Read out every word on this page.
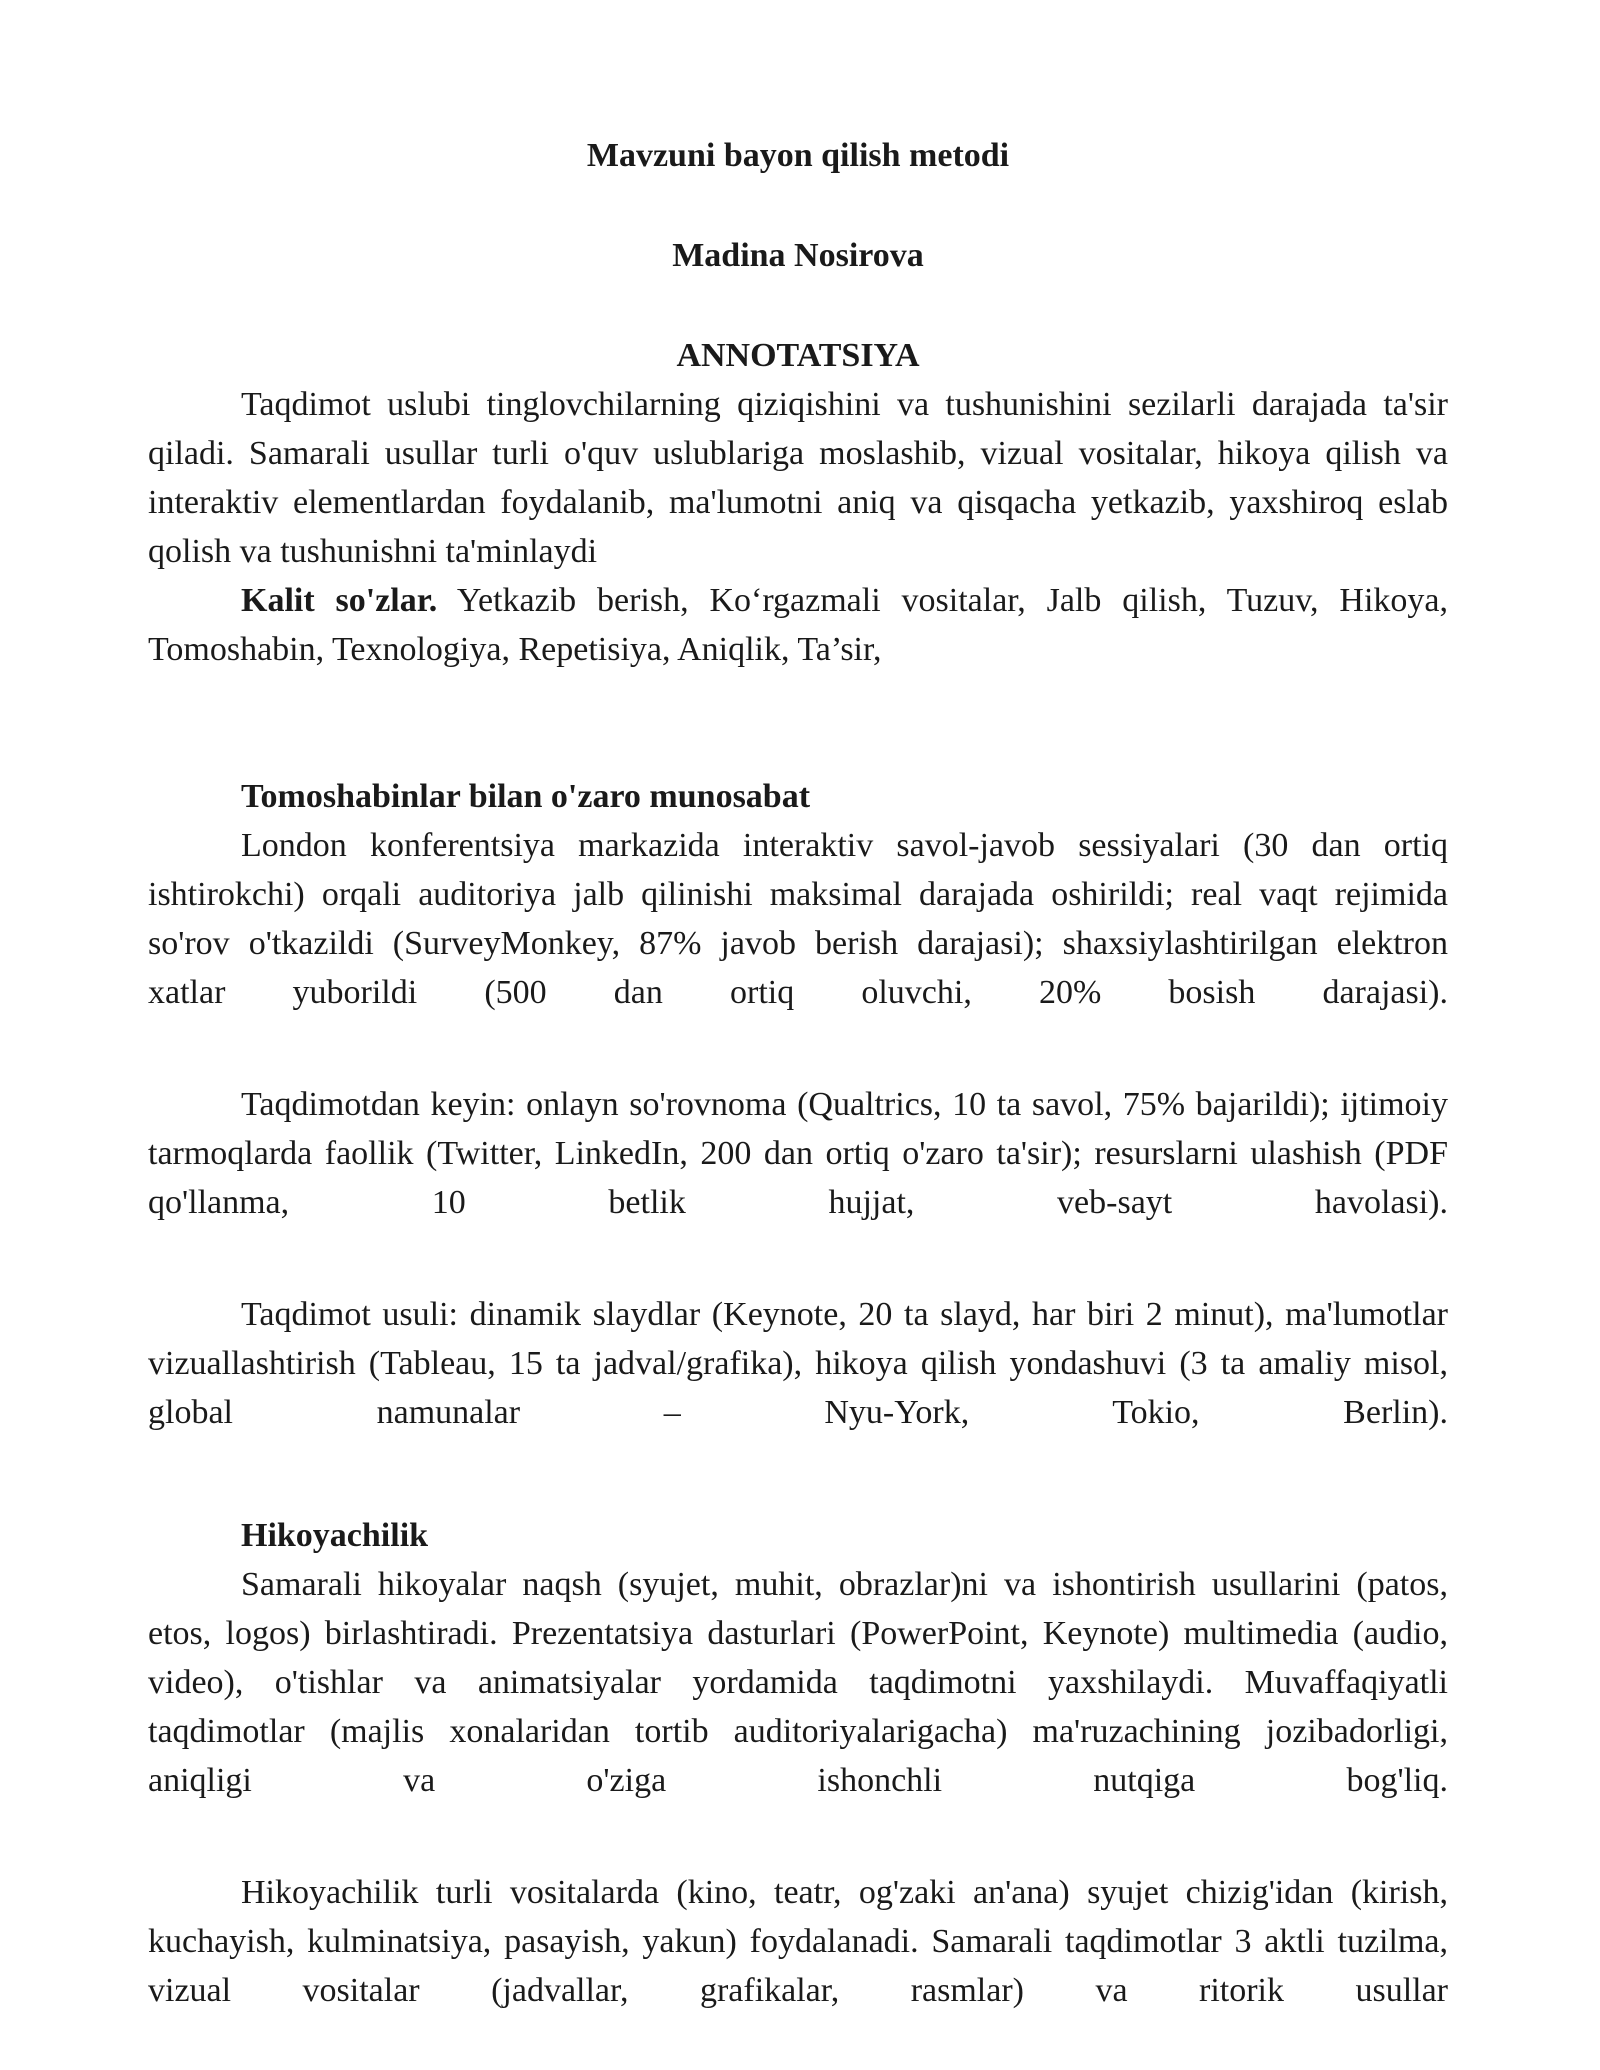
Mavzuni bayon qilish metodi
Madina Nosirova
ANNOTATSIYA

Taqdimot uslubi tinglovchilarning qiziqishini va tushunishini sezilarli darajada ta'sir qiladi. Samarali usullar turli o'quv uslublariga moslashib, vizual vositalar, hikoya qilish va interaktiv elementlardan foydalanib, ma'lumotni aniq va qisqacha yetkazib, yaxshiroq eslab qolish va tushunishni ta'minlaydi

Kalit so'zlar. Yetkazib berish, Ko‘rgazmali vositalar, Jalb qilish, Tuzuv, Hikoya, Tomoshabin, Texnologiya, Repetisiya, Aniqlik, Ta’sir,

Tomoshabinlar bilan o'zaro munosabat

London konferentsiya markazida interaktiv savol-javob sessiyalari (30 dan ortiq ishtirokchi) orqali auditoriya jalb qilinishi maksimal darajada oshirildi; real vaqt rejimida so'rov o'tkazildi (SurveyMonkey, 87% javob berish darajasi); shaxsiylashtirilgan elektron xatlar yuborildi (500 dan ortiq oluvchi, 20% bosish darajasi).

Taqdimotdan keyin: onlayn so'rovnoma (Qualtrics, 10 ta savol, 75% bajarildi); ijtimoiy tarmoqlarda faollik (Twitter, LinkedIn, 200 dan ortiq o'zaro ta'sir); resurslarni ulashish (PDF qo'llanma, 10 betlik hujjat, veb-sayt havolasi).

Taqdimot usuli: dinamik slaydlar (Keynote, 20 ta slayd, har biri 2 minut), ma'lumotlar vizuallashtirish (Tableau, 15 ta jadval/grafika), hikoya qilish yondashuvi (3 ta amaliy misol, global namunalar – Nyu-York, Tokio, Berlin).

Hikoyachilik

Samarali hikoyalar naqsh (syujet, muhit, obrazlar)ni va ishontirish usullarini (patos, etos, logos) birlashtiradi. Prezentatsiya dasturlari (PowerPoint, Keynote) multimedia (audio, video), o'tishlar va animatsiyalar yordamida taqdimotni yaxshilaydi. Muvaffaqiyatli taqdimotlar (majlis xonalaridan tortib auditoriyalarigacha) ma'ruzachining jozibadorligi, aniqligi va o'ziga ishonchli nutqiga bog'liq.

Hikoyachilik turli vositalarda (kino, teatr, og'zaki an'ana) syujet chizig'idan (kirish, kuchayish, kulminatsiya, pasayish, yakun) foydalanadi. Samarali taqdimotlar 3 aktli tuzilma, vizual vositalar (jadvallar, grafikalar, rasmlar) va ritorik usullar
